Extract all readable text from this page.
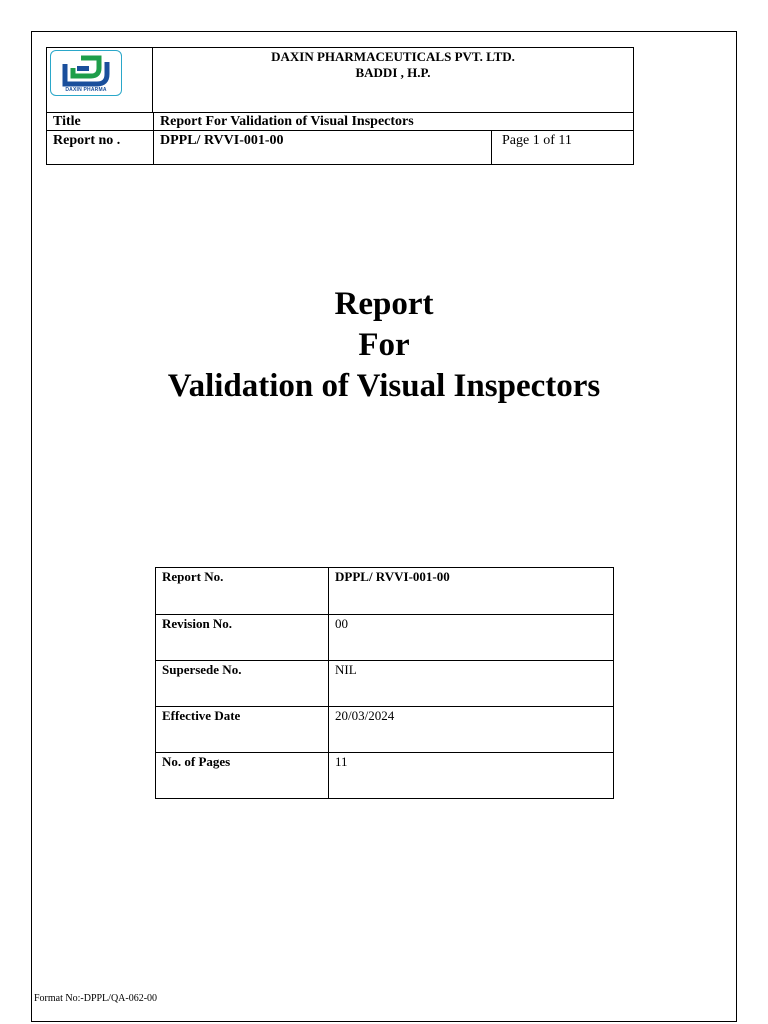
DAXIN PHARMA
DAXIN PHARMACEUTICALS PVT. LTD.
BADDI , H.P.
Title	Report For Validation of Visual Inspectors
Report no .	DPPL/ RVVI-001-00	Page 1 of 11
Report
For
Validation of Visual Inspectors
Report No.	DPPL/ RVVI-001-00
Revision No.	00
Supersede No.	NIL
Effective Date	20/03/2024
No. of Pages	11
Format No:-DPPL/QA-062-00
